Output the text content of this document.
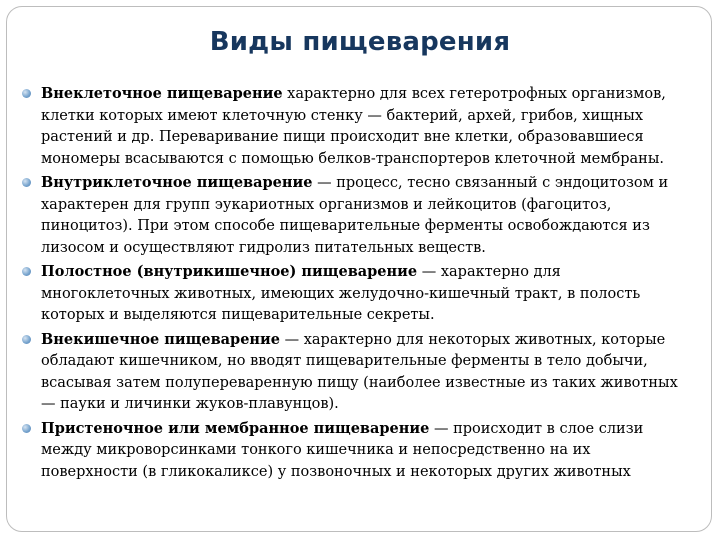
Виды пищеварения
Внеклеточное пищеварение характерно для всех гетеротрофных организмов, клетки которых имеют клеточную стенку — бактерий, архей, грибов, хищных растений и др. Переваривание пищи происходит вне клетки, образовавшиеся мономеры всасываются с помощью белков-транспортеров клеточной мембраны.
Внутриклеточное пищеварение — процесс, тесно связанный с эндоцитозом и характерен для групп эукариотных организмов и лейкоцитов (фагоцитоз, пиноцитоз). При этом способе пищеварительные ферменты освобождаются из лизосом и осуществляют гидролиз питательных веществ.
Полостное (внутрикишечное) пищеварение — характерно для многоклеточных животных, имеющих желудочно-кишечный тракт, в полость которых и выделяются пищеварительные секреты.
Внекишечное пищеварение — характерно для некоторых животных, которые обладают кишечником, но вводят пищеварительные ферменты в тело добычи, всасывая затем полупереваренную пищу (наиболее известные из таких животных — пауки и личинки жуков-плавунцов).
Пристеночное или мембранное пищеварение — происходит в слое слизи между микроворсинками тонкого кишечника и непосредственно на их поверхности (в гликокаликсе) у позвоночных и некоторых других животных
